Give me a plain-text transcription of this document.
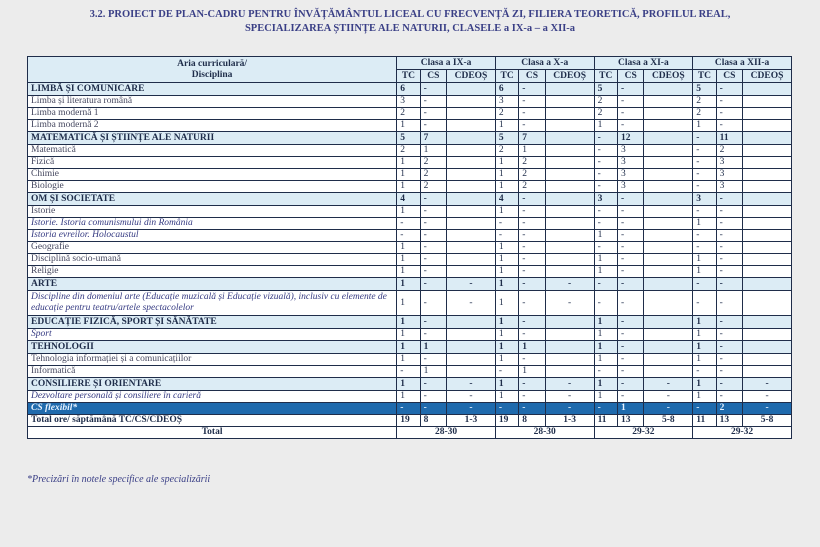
3.2. PROIECT DE PLAN-CADRU PENTRU ÎNVĂȚĂMÂNTUL LICEAL CU FRECVENȚĂ ZI, FILIERA TEORETICĂ, PROFILUL REAL,
SPECIALIZAREA ȘTIINȚE ALE NATURII, CLASELE a IX-a – a XII-a
Aria curriculară/
Disciplina	Clasa a IX-a			Clasa a X-a			Clasa a XI-a			Clasa a XII-a		
	TC	CS	CDEOȘ	TC	CS	CDEOȘ	TC	CS	CDEOȘ	TC	CS	CDEOȘ
LIMBĂ ȘI COMUNICARE	6	-		6	-		5	-		5	-	
Limba și literatura română	3	-		3	-		2	-		2	-	
Limba modernă 1	2	-		2	-		2	-		2	-	
Limba modernă 2	1	-		1	-		1	-		1	-	
MATEMATICĂ ȘI ȘTIINȚE ALE NATURII	5	7		5	7		-	12		-	11	
Matematică	2	1		2	1		-	3		-	2	
Fizică	1	2		1	2		-	3		-	3	
Chimie	1	2		1	2		-	3		-	3	
Biologie	1	2		1	2		-	3		-	3	
OM ȘI SOCIETATE	4	-		4	-		3	-		3	-	
Istorie	1	-		1	-		-	-		-	-	
Istorie. Istoria comunismului din România	-	-		-	-		-	-		1	-	
Istoria evreilor. Holocaustul	-	-		-	-		1	-		-	-	
Geografie	1	-		1	-		-	-		-	-	
Disciplină socio-umană	1	-		1	-		1	-		1	-	
Religie	1	-		1	-		1	-		1	-	
ARTE	1	-	-	1	-	-	-	-		-	-	
Discipline din domeniul arte (Educație muzicală și Educație vizuală), inclusiv cu elemente de educație pentru teatru/artele spectacolelor	1	-	-	1	-	-	-	-		-	-	
EDUCAȚIE FIZICĂ, SPORT ȘI SĂNĂTATE	1	-		1	-		1	-		1	-	
Sport	1	-		1	-		1	-		1	-	
TEHNOLOGII	1	1		1	1		1	-		1	-	
Tehnologia informației și a comunicațiilor	1	-		1	-		1	-		1	-	
Informatică	-	1		-	1		-	-		-	-	
CONSILIERE ȘI ORIENTARE	1	-	-	1	-	-	1	-	-	1	-	-
Dezvoltare personală și consiliere în carieră	1	-	-	1	-	-	1	-	-	1	-	-
CS flexibil*	-	-	-	-	-	-	-	1	-	-	2	-
Total ore/ săptămână TC/CS/CDEOȘ	19	8	1-3	19	8	1-3	11	13	5-8	11	13	5-8
Total	28-30			28-30			29-32			29-32		
*Precizări în notele specifice ale specializării
